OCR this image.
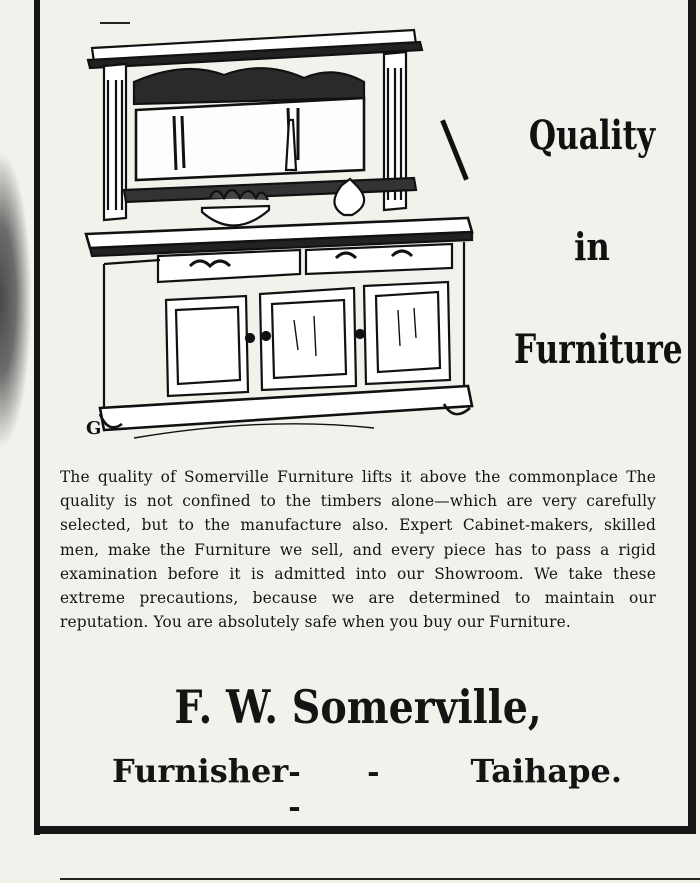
G
Quality
in
Furniture
The quality of Somerville Furniture lifts it above the commonplace The quality is not confined to the timbers alone—which are very carefully selected, but to the manufacture also. Expert Cabinet-makers, skilled men, make the Furniture we sell, and every piece has to pass a rigid examination before it is admitted into our Showroom. We take these extreme precautions, because we are determined to maintain our reputation. You are absolutely safe when you buy our Furniture.
F. W. Somerville,
Furnisher - - -
Taihape.
